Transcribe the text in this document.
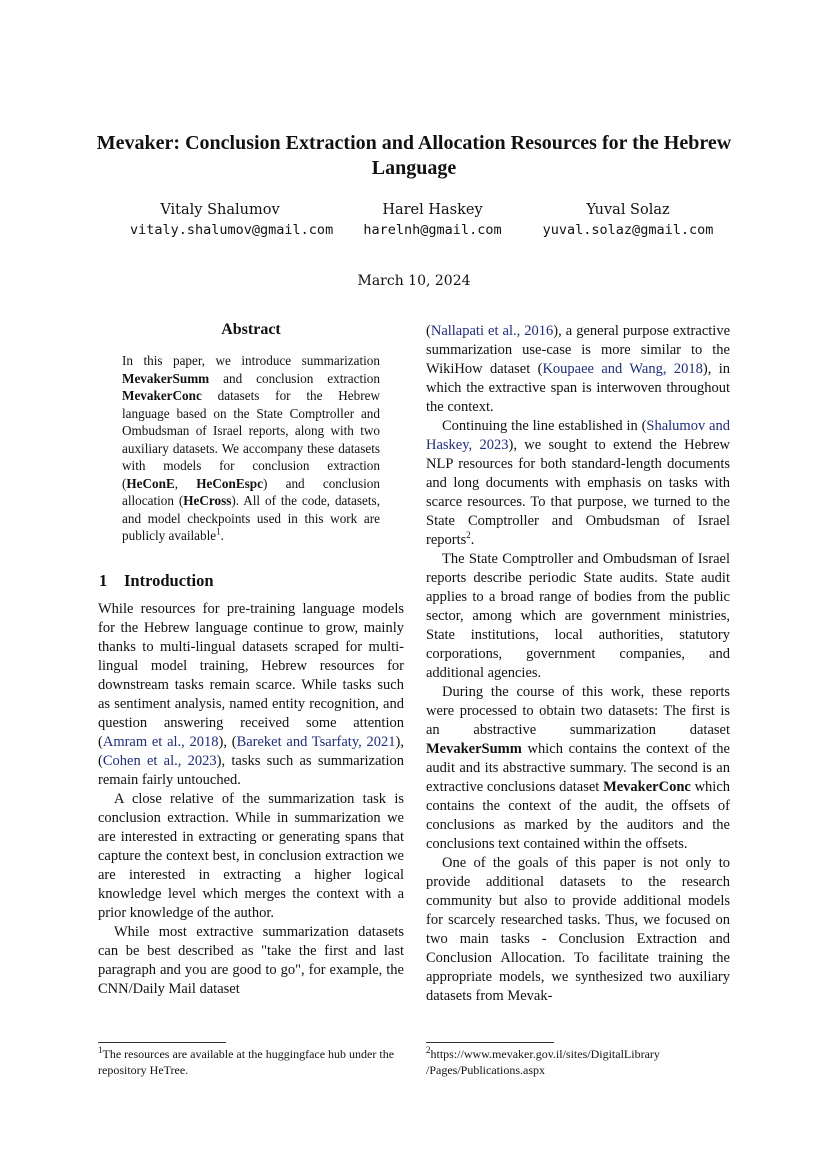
Mevaker: Conclusion Extraction and Allocation Resources for the Hebrew Language
Vitaly Shalumov
vitaly.shalumov@gmail.com
Harel Haskey
harelnh@gmail.com
Yuval Solaz
yuval.solaz@gmail.com
March 10, 2024
Abstract
In this paper, we introduce summarization MevakerSumm and conclusion extraction MevakerConc datasets for the Hebrew language based on the State Comptroller and Ombudsman of Israel reports, along with two auxiliary datasets. We accompany these datasets with models for conclusion extraction (HeConE, HeConEspc) and conclusion allocation (HeCross). All of the code, datasets, and model checkpoints used in this work are publicly available$^1$.
1 Introduction

While resources for pre-training language models for the Hebrew language continue to grow, mainly thanks to multi-lingual datasets scraped for multi-lingual model training, Hebrew resources for downstream tasks remain scarce. While tasks such as sentiment analysis, named entity recognition, and question answering received some attention (Amram et al., 2018), (Bareket and Tsarfaty, 2021), (Cohen et al., 2023), tasks such as summarization remain fairly untouched.

A close relative of the summarization task is conclusion extraction. While in summarization we are interested in extracting or generating spans that capture the context best, in conclusion extraction we are interested in extracting a higher logical knowledge level which merges the context with a prior knowledge of the author.

While most extractive summarization datasets can be best described as "take the first and last paragraph and you are good to go", for example, the CNN/Daily Mail dataset

(Nallapati et al., 2016), a general purpose extractive summarization use-case is more similar to the WikiHow dataset (Koupaee and Wang, 2018), in which the extractive span is interwoven throughout the context.

Continuing the line established in (Shalumov and Haskey, 2023), we sought to extend the Hebrew NLP resources for both standard-length documents and long documents with emphasis on tasks with scarce resources. To that purpose, we turned to the State Comptroller and Ombudsman of Israel reports$^2$.

The State Comptroller and Ombudsman of Israel reports describe periodic State audits. State audit applies to a broad range of bodies from the public sector, among which are government ministries, State institutions, local authorities, statutory corporations, government companies, and additional agencies.

During the course of this work, these reports were processed to obtain two datasets: The first is an abstractive summarization dataset MevakerSumm which contains the context of the audit and its abstractive summary. The second is an extractive conclusions dataset MevakerConc which contains the context of the audit, the offsets of conclusions as marked by the auditors and the conclusions text contained within the offsets.

One of the goals of this paper is not only to provide additional datasets to the research community but also to provide additional models for scarcely researched tasks. Thus, we focused on two main tasks - Conclusion Extraction and Conclusion Allocation. To facilitate training the appropriate models, we synthesized two auxiliary datasets from Mevak-

$^1$The resources are available at the huggingface hub under the repository HeTree.
$^2$https://www.mevaker.gov.il/sites/DigitalLibrary /Pages/Publications.aspx
